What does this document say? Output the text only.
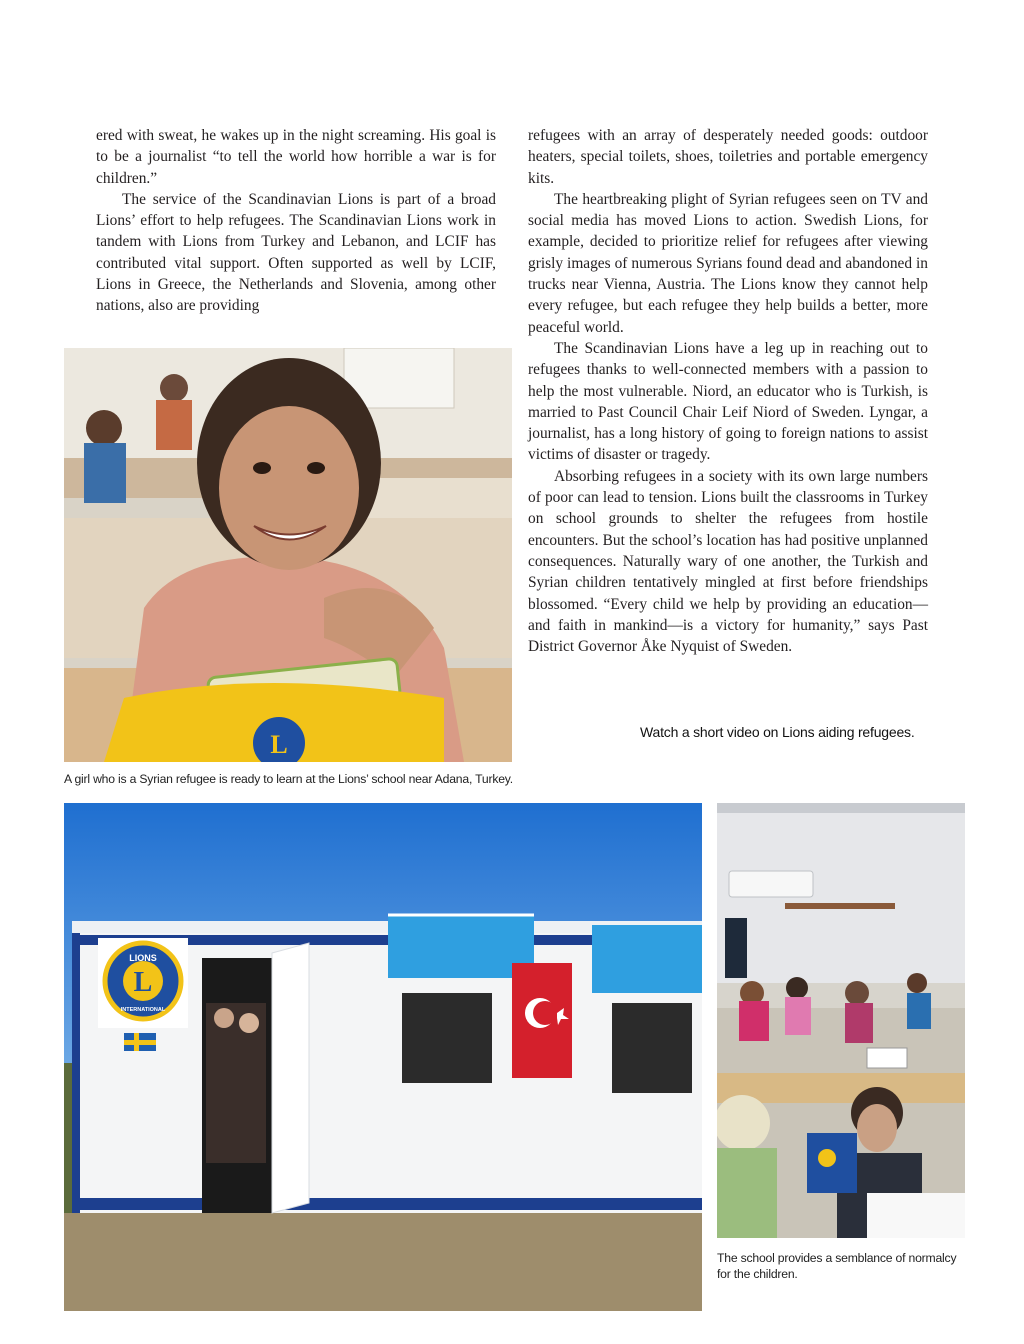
ered with sweat, he wakes up in the night screaming. His goal is to be a journalist “to tell the world how horrible a war is for children.”

The service of the Scandinavian Lions is part of a broad Lions’ effort to help refugees. The Scandinavian Lions work in tandem with Lions from Turkey and Lebanon, and LCIF has contributed vital support. Often supported as well by LCIF, Lions in Greece, the Netherlands and Slovenia, among other nations, also are providing

refugees with an array of desperately needed goods: outdoor heaters, special toilets, shoes, toiletries and portable emergency kits.

The heartbreaking plight of Syrian refugees seen on TV and social media has moved Lions to action. Swedish Lions, for example, decided to prioritize relief for refugees after viewing grisly images of numerous Syrians found dead and abandoned in trucks near Vienna, Austria. The Lions know they cannot help every refugee, but each refugee they help builds a better, more peaceful world.

The Scandinavian Lions have a leg up in reaching out to refugees thanks to well-connected members with a passion to help the most vulnerable. Niord, an educator who is Turkish, is married to Past Council Chair Leif Niord of Sweden. Lyngar, a journalist, has a long history of going to foreign nations to assist victims of disaster or tragedy.

Absorbing refugees in a society with its own large numbers of poor can lead to tension. Lions built the classrooms in Turkey on school grounds to shelter the refugees from hostile encounters. But the school’s location has had positive unplanned consequences. Naturally wary of one another, the Turkish and Syrian children tentatively mingled at first before friendships blossomed. “Every child we help by providing an education—and faith in mankind—is a victory for humanity,” says Past District Governor Åke Nyquist of Sweden.

Watch a short video on Lions aiding refugees.
L
A girl who is a Syrian refugee is ready to learn at the Lions’ school near Adana, Turkey.
L
LIONS
INTERNATIONAL
The school provides a semblance of normalcy for the children.
